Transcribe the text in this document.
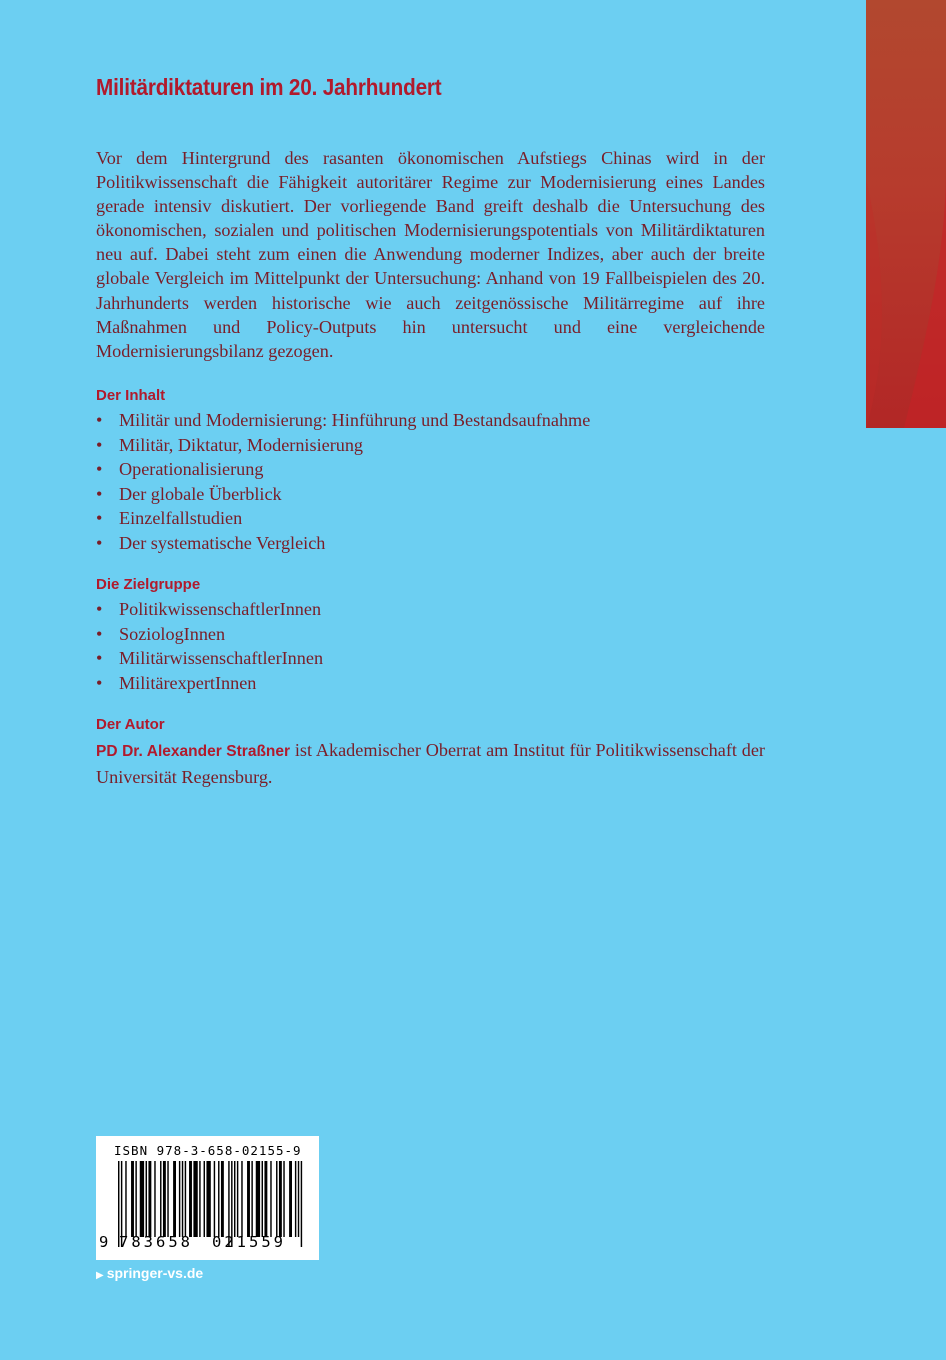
Militärdiktaturen im 20. Jahrhundert

Vor dem Hintergrund des rasanten ökonomischen Aufstiegs Chinas wird in der Politikwissenschaft die Fähigkeit autoritärer Regime zur Modernisierung eines Landes gerade intensiv diskutiert. Der vorliegende Band greift deshalb die Untersuchung des ökonomischen, sozialen und politischen Modernisierungspotentials von Militärdiktaturen neu auf. Dabei steht zum einen die Anwendung moderner Indizes, aber auch der breite globale Vergleich im Mittelpunkt der Untersuchung: Anhand von 19 Fallbeispielen des 20. Jahrhunderts werden historische wie auch zeitgenössische Militärregime auf ihre Maßnahmen und Policy-Outputs hin untersucht und eine vergleichende Modernisierungsbilanz gezogen.

Der Inhalt
• Militär und Modernisierung: Hinführung und Bestandsaufnahme
• Militär, Diktatur, Modernisierung
• Operationalisierung
• Der globale Überblick
• Einzelfallstudien
• Der systematische Vergleich
Die Zielgruppe
• PolitikwissenschaftlerInnen
• SoziologInnen
• MilitärwissenschaftlerInnen
• MilitärexpertInnen
Der Autor

PD Dr. Alexander Straßner ist Akademischer Oberrat am Institut für Politikwissenschaft der Universität Regensburg.

ISBN 978-3-658-02155-9
9 783658 021559
▶ springer-vs.de
